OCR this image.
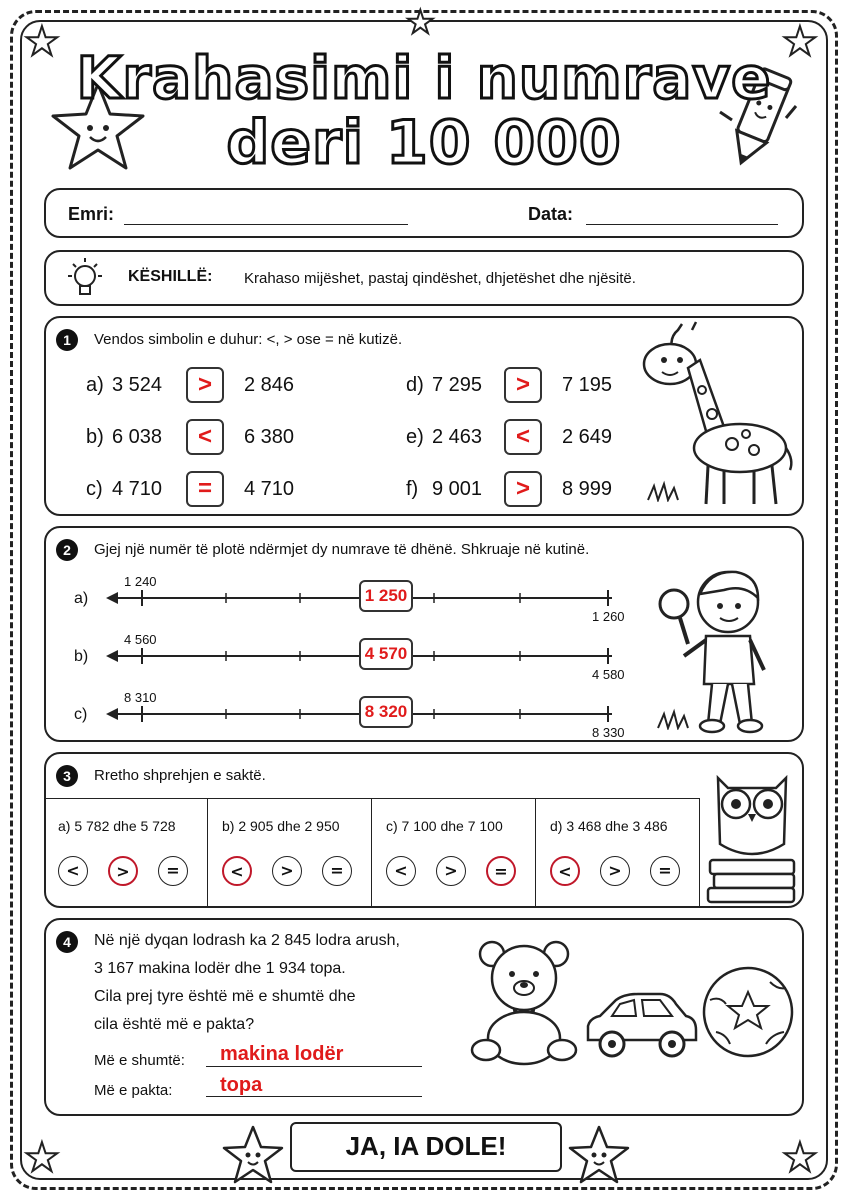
★	★	★
★	★
Krahasimi i numrave
deri 10 000
Emri:	Data:
KËSHILLË: Krahaso mijëshet, pastaj qindëshet, dhjetëshet dhe njësitë.
1	Vendos simbolin e duhur: <, > ose = në kutizë.
a) 3 524	>	2 846
b) 6 038	<	6 380
c) 4 710	=	4 710
d) 7 295	>	7 195
e) 2 463	<	2 649
f) 9 001	>	8 999
2	Gjej një numër të plotë ndërmjet dy numrave të dhënë. Shkruaje në kutinë.
a)
1 240
1 250
1 260
b)
4 560
4 570
4 580
c)
8 310
8 320
8 330
3	Rretho shprehjen e saktë.
a) 5 782 dhe 5 728
<	>	=
b) 2 905 dhe 2 950
<	>	=
c) 7 100 dhe 7 100
<	>	=
d) 3 468 dhe 3 486
<	>	=
4	Në një dyqan lodrash ka 2 845 lodra arush,
3 167 makina lodër dhe 1 934 topa.
Cila prej tyre është më e shumtë dhe
cila është më e pakta?
Më e shumtë: makina lodër
Më e pakta: topa
JA, IA DOLE!
